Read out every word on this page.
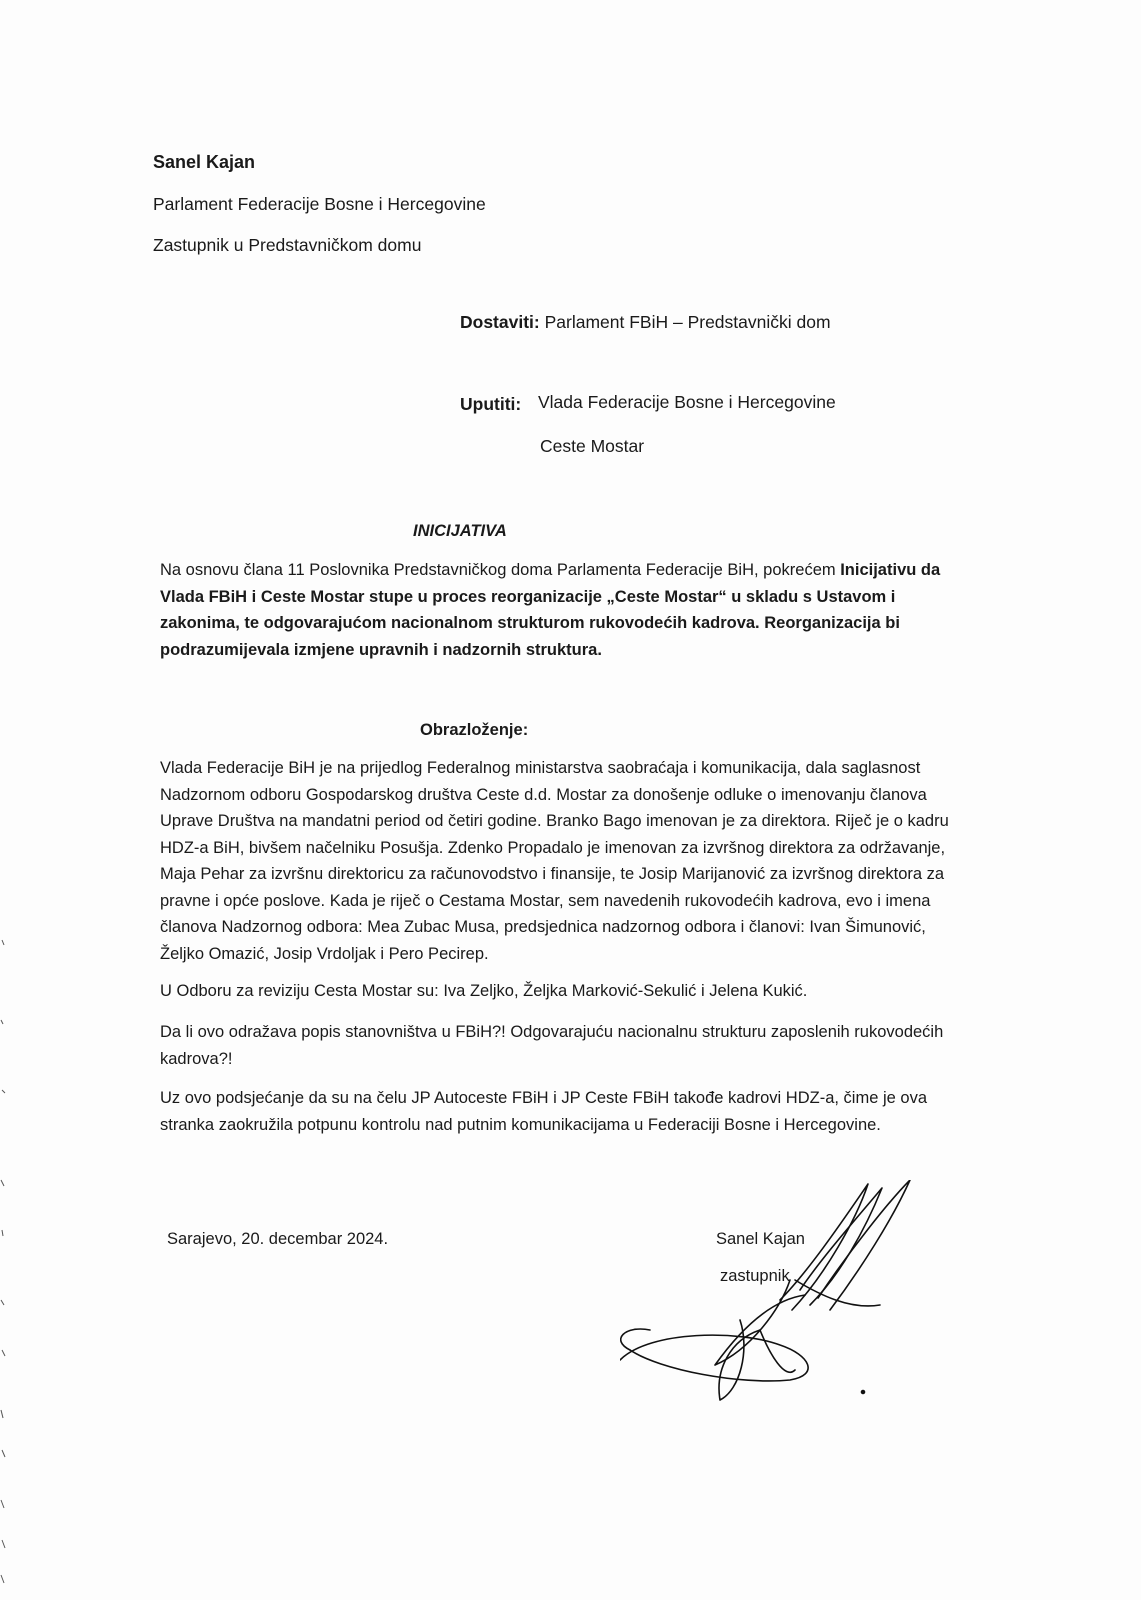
Sanel Kajan
Parlament Federacije Bosne i Hercegovine
Zastupnik u Predstavničkom domu
Dostaviti: Parlament FBiH – Predstavnički dom
Uputiti: Vlada Federacije Bosne i Hercegovine
Ceste Mostar
INICIJATIVA
Na osnovu člana 11 Poslovnika Predstavničkog doma Parlamenta Federacije BiH, pokrećem Inicijativu da Vlada FBiH i Ceste Mostar stupe u proces reorganizacije „Ceste Mostar“ u skladu s Ustavom i zakonima, te odgovarajućom nacionalnom strukturom rukovodećih kadrova. Reorganizacija bi podrazumijevala izmjene upravnih i nadzornih struktura.
Obrazloženje:
Vlada Federacije BiH je na prijedlog Federalnog ministarstva saobraćaja i komunikacija, dala saglasnost Nadzornom odboru Gospodarskog društva Ceste d.d. Mostar za donošenje odluke o imenovanju članova Uprave Društva na mandatni period od četiri godine. Branko Bago imenovan je za direktora. Riječ je o kadru HDZ-a BiH, bivšem načelniku Posušja. Zdenko Propadalo je imenovan za izvršnog direktora za održavanje, Maja Pehar za izvršnu direktoricu za računovodstvo i finansije, te Josip Marijanović za izvršnog direktora za pravne i opće poslove. Kada je riječ o Cestama Mostar, sem navedenih rukovodećih kadrova, evo i imena članova Nadzornog odbora: Mea Zubac Musa, predsjednica nadzornog odbora i članovi: Ivan Šimunović, Željko Omazić, Josip Vrdoljak i Pero Pecirep.
U Odboru za reviziju Cesta Mostar su: Iva Zeljko, Željka Marković-Sekulić i Jelena Kukić.
Da li ovo odražava popis stanovništva u FBiH?! Odgovarajuću nacionalnu strukturu zaposlenih rukovodećih kadrova?!
Uz ovo podsjećanje da su na čelu JP Autoceste FBiH i JP Ceste FBiH takođe kadrovi HDZ-a, čime je ova stranka zaokružila potpunu kontrolu nad putnim komunikacijama u Federaciji Bosne i Hercegovine.
Sarajevo, 20. decembar 2024.	Sanel Kajan
zastupnik
